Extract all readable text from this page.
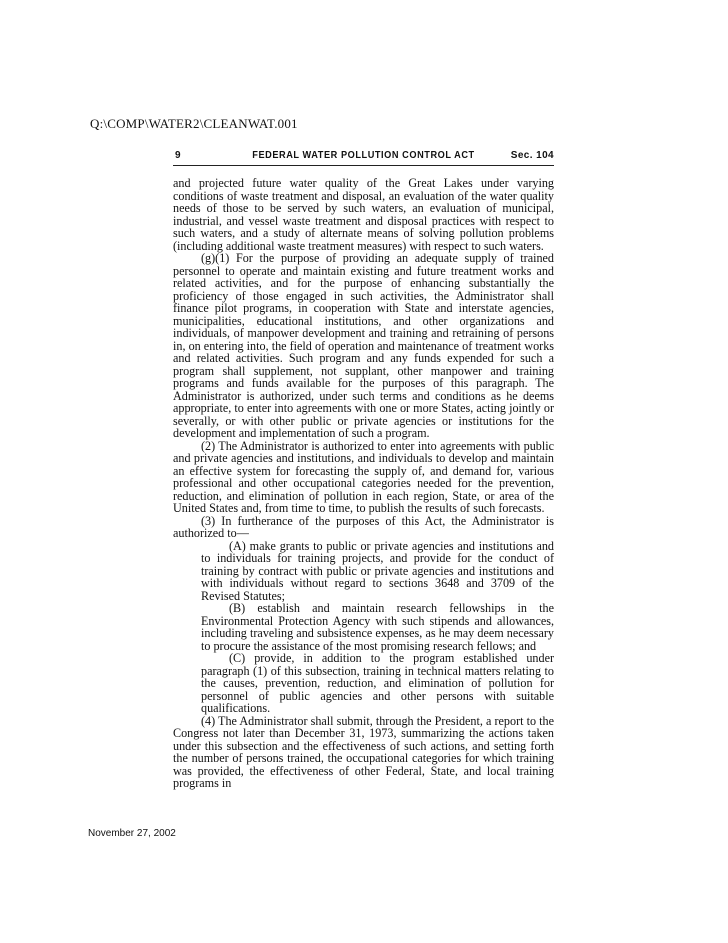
Q:\COMP\WATER2\CLEANWAT.001
9	FEDERAL WATER POLLUTION CONTROL ACT	Sec. 104

and projected future water quality of the Great Lakes under varying conditions of waste treatment and disposal, an evaluation of the water quality needs of those to be served by such waters, an evaluation of municipal, industrial, and vessel waste treatment and disposal practices with respect to such waters, and a study of alternate means of solving pollution problems (including additional waste treatment measures) with respect to such waters.

(g)(1) For the purpose of providing an adequate supply of trained personnel to operate and maintain existing and future treatment works and related activities, and for the purpose of enhancing substantially the proficiency of those engaged in such activities, the Administrator shall finance pilot programs, in cooperation with State and interstate agencies, municipalities, educational institutions, and other organizations and individuals, of manpower development and training and retraining of persons in, on entering into, the field of operation and maintenance of treatment works and related activities. Such program and any funds expended for such a program shall supplement, not supplant, other manpower and training programs and funds available for the purposes of this paragraph. The Administrator is authorized, under such terms and conditions as he deems appropriate, to enter into agreements with one or more States, acting jointly or severally, or with other public or private agencies or institutions for the development and implementation of such a program.

(2) The Administrator is authorized to enter into agreements with public and private agencies and institutions, and individuals to develop and maintain an effective system for forecasting the supply of, and demand for, various professional and other occupational categories needed for the prevention, reduction, and elimination of pollution in each region, State, or area of the United States and, from time to time, to publish the results of such forecasts.

(3) In furtherance of the purposes of this Act, the Administrator is authorized to—

(A) make grants to public or private agencies and institutions and to individuals for training projects, and provide for the conduct of training by contract with public or private agencies and institutions and with individuals without regard to sections 3648 and 3709 of the Revised Statutes;

(B) establish and maintain research fellowships in the Environmental Protection Agency with such stipends and allowances, including traveling and subsistence expenses, as he may deem necessary to procure the assistance of the most promising research fellows; and

(C) provide, in addition to the program established under paragraph (1) of this subsection, training in technical matters relating to the causes, prevention, reduction, and elimination of pollution for personnel of public agencies and other persons with suitable qualifications.

(4) The Administrator shall submit, through the President, a report to the Congress not later than December 31, 1973, summarizing the actions taken under this subsection and the effectiveness of such actions, and setting forth the number of persons trained, the occupational categories for which training was provided, the effectiveness of other Federal, State, and local training programs in

November 27, 2002
